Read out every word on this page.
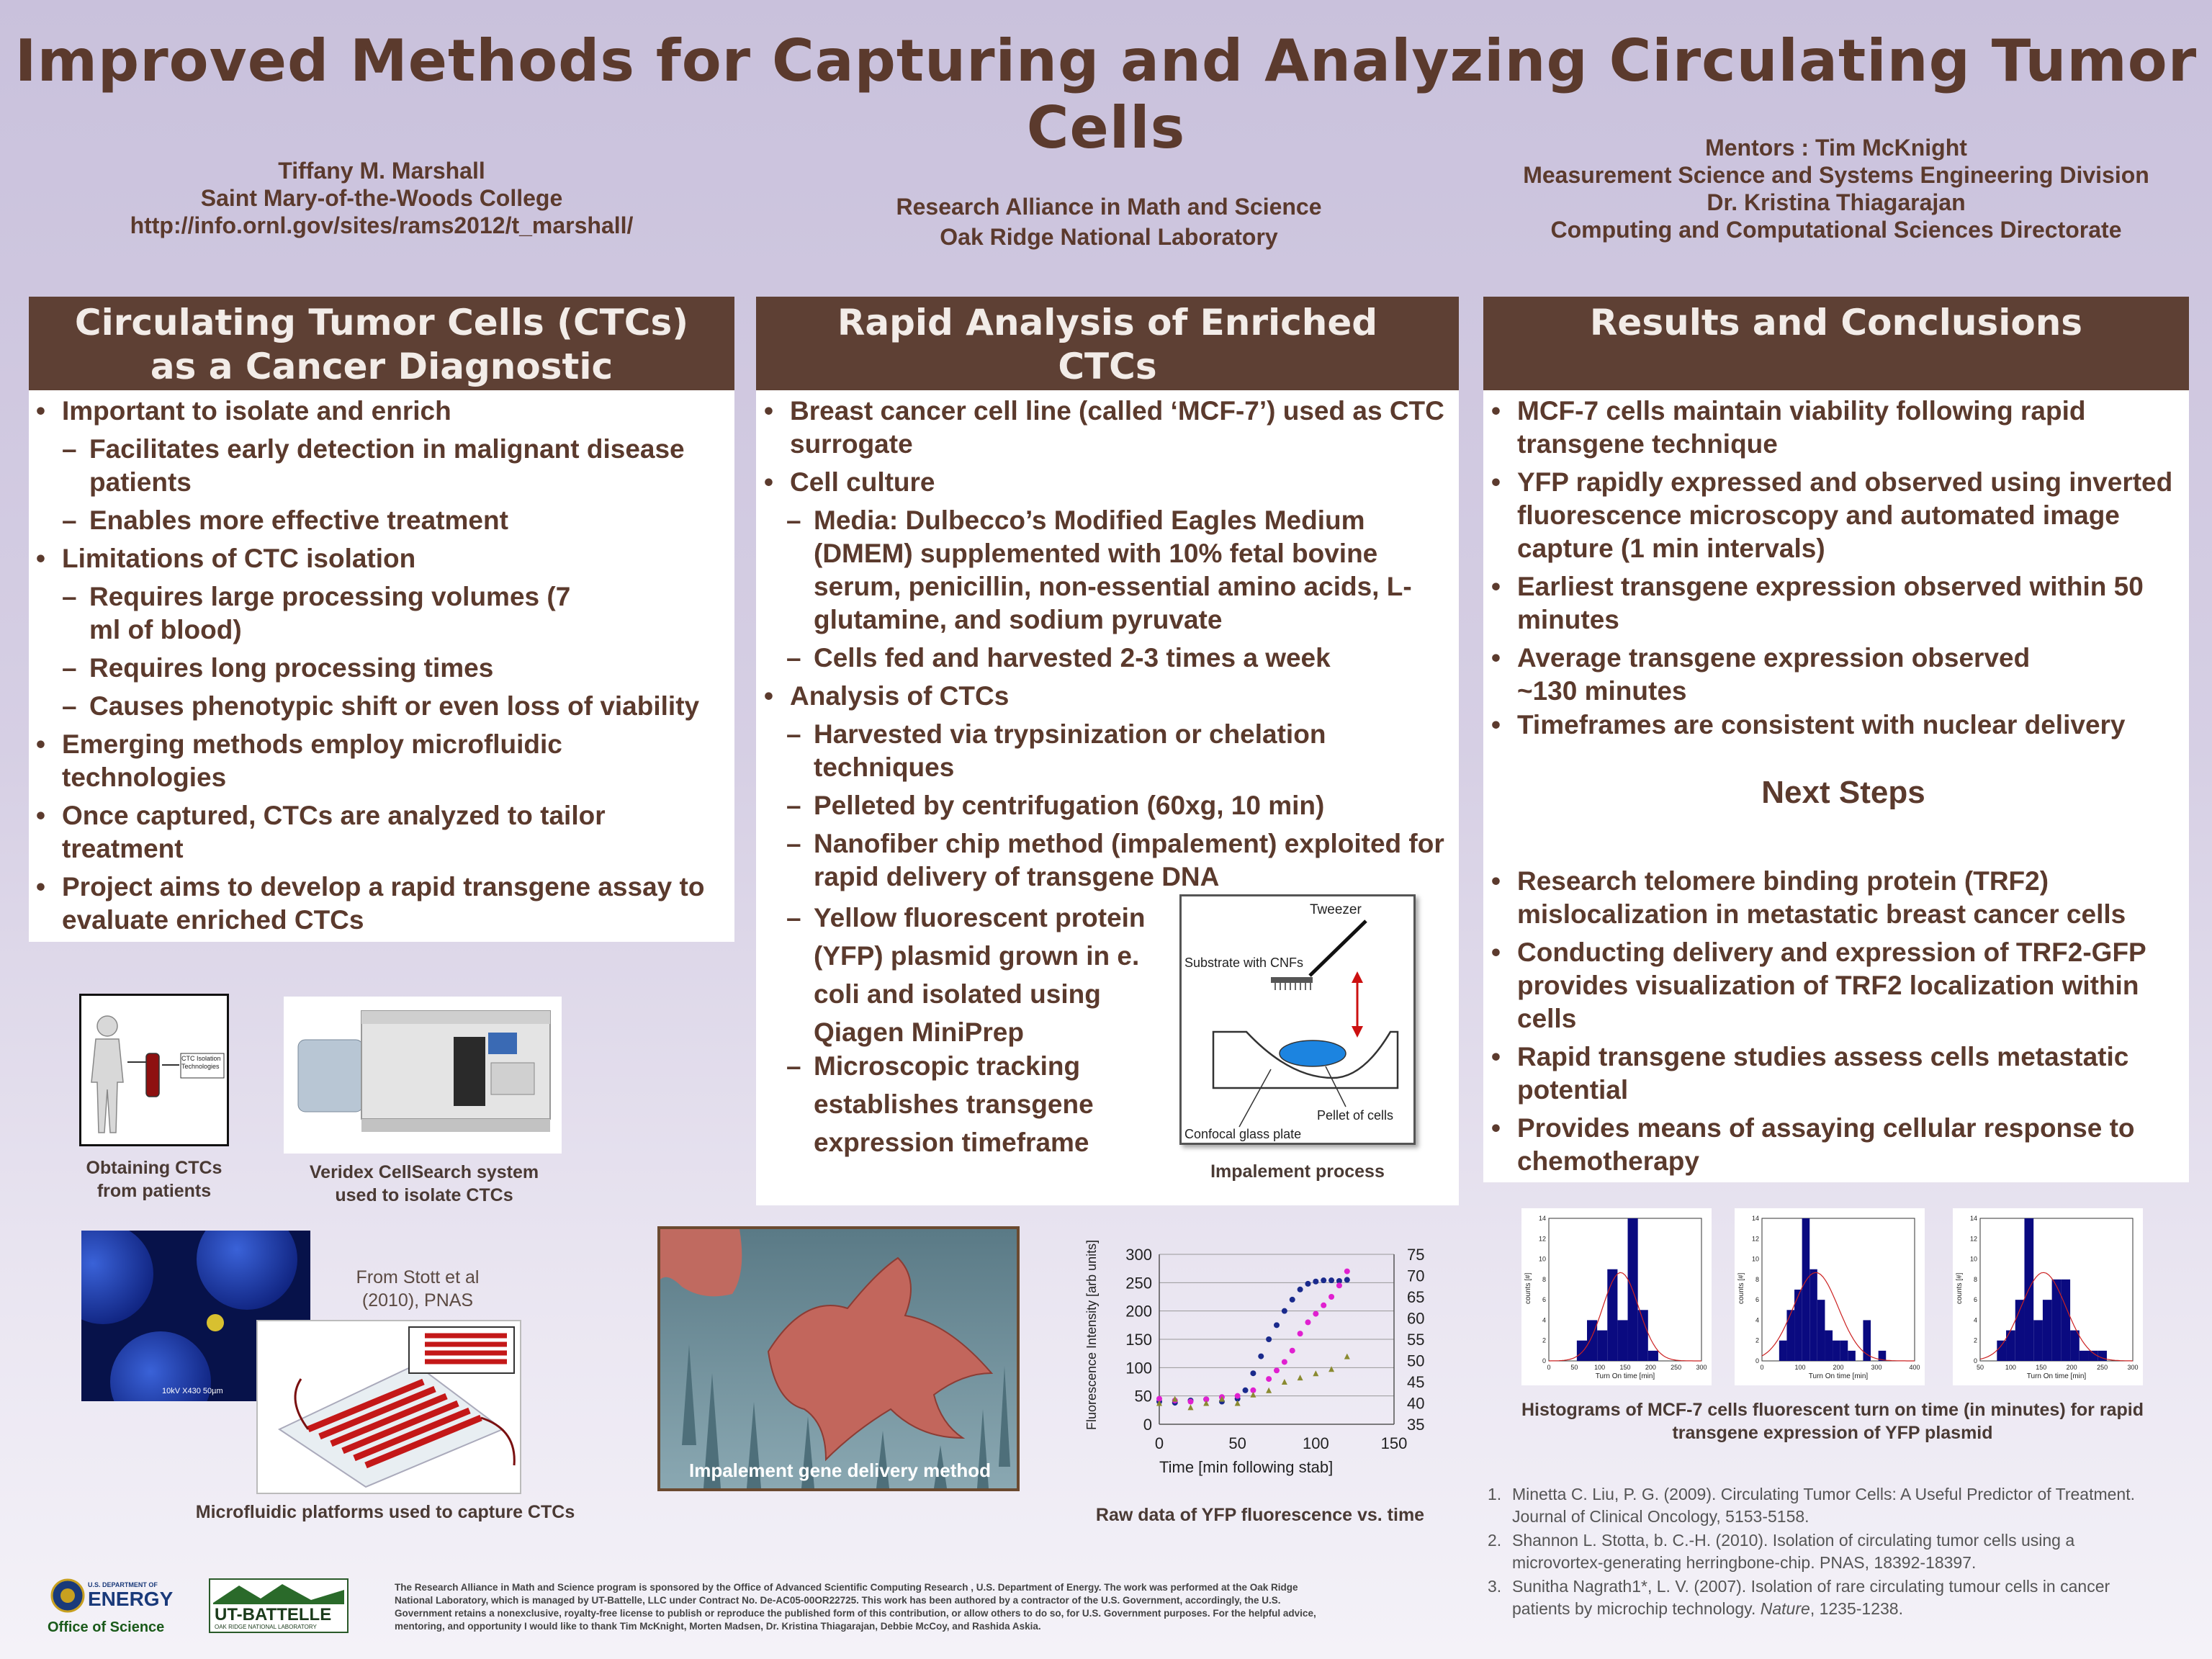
Improved Methods for Capturing and Analyzing Circulating Tumor Cells
Tiffany M. Marshall
Saint Mary-of-the-Woods College
http://info.ornl.gov/sites/rams2012/t_marshall/
Research Alliance in Math and Science
Oak Ridge National Laboratory
Mentors : Tim McKnight
Measurement Science and Systems Engineering Division
Dr. Kristina Thiagarajan
Computing and Computational Sciences Directorate
Circulating Tumor Cells (CTCs)
as a Cancer Diagnostic
• Important to isolate and enrich
– Facilitates early detection in malignant disease patients
– Enables more effective treatment
• Limitations of CTC isolation
– Requires large processing volumes (7 ml of blood)
– Requires long processing times
– Causes phenotypic shift or even loss of viability
• Emerging methods employ microfluidic technologies
• Once captured, CTCs are analyzed to tailor treatment
• Project aims to develop a rapid transgene assay to evaluate enriched CTCs
Rapid Analysis of Enriched
CTCs
• Breast cancer cell line (called ‘MCF-7’) used as CTC surrogate
• Cell culture
– Media: Dulbecco’s Modified Eagles Medium (DMEM) supplemented with 10% fetal bovine serum, penicillin, non-essential amino acids, L-glutamine, and sodium pyruvate
– Cells fed and harvested 2-3 times a week
• Analysis of CTCs
– Harvested via trypsinization or chelation techniques
– Pelleted by centrifugation (60xg, 10 min)
– Nanofiber chip method (impalement) exploited for rapid delivery of transgene DNA
– Yellow fluorescent protein (YFP) plasmid grown in e. coli and isolated using Qiagen MiniPrep
– Microscopic tracking establishes transgene expression timeframe
Tweezer
Substrate with CNFs
Pellet of cells
Confocal glass plate
Impalement process
Results and Conclusions
• MCF-7 cells maintain viability following rapid transgene technique
• YFP rapidly expressed and observed using inverted fluorescence microscopy and automated image capture (1 min intervals)
• Earliest transgene expression observed within 50 minutes
• Average transgene expression observed ~130 minutes
• Timeframes are consistent with nuclear delivery
Next Steps
• Research telomere binding protein (TRF2) mislocalization in metastatic breast cancer cells
• Conducting delivery and expression of TRF2-GFP provides visualization of TRF2 localization within cells
• Rapid transgene studies assess cells metastatic potential
• Provides means of assaying cellular response to chemotherapy
CTC Isolation Technologies
Obtaining CTCs from patients
Veridex CellSearch system used to isolate CTCs
10kV X430 50µm
From Stott et al (2010), PNAS
Microfluidic platforms used to capture CTCs
Impalement gene delivery method
0
50
100
150
200
250
300
35
40
45
50
55
60
65
70
75
0	50	100	150
Time [min following stab]
Fluorescence Intensity [arb units]
Raw data of YFP fluorescence vs. time
0
2
4
6
8
10
12
14
0	50	100 150 200 250 300
Turn On time [min]
counts [#]
0
2
4
6
8
10
12
14
0	100	200	300	400
Turn On time [min]
counts [#]
0
2
4
6
8
10
12
14
50	100	150	200	250	300
Turn On time [min]
counts [#]
Histograms of MCF-7 cells fluorescent turn on time (in minutes) for rapid transgene expression of YFP plasmid
1. Minetta C. Liu, P. G. (2009). Circulating Tumor Cells: A Useful Predictor of Treatment.
Journal of Clinical Oncology, 5153-5158.
2. Shannon L. Stotta, b. C.-H. (2010). Isolation of circulating tumor cells using a
microvortex-generating herringbone-chip. PNAS, 18392-18397.
3. Sunitha Nagrath1*, L. V. (2007). Isolation of rare circulating tumour cells in cancer
patients by microchip technology. Nature, 1235-1238.
U.S. DEPARTMENT OF
ENERGY
Office of Science
UT-BATTELLE
OAK RIDGE NATIONAL LABORATORY
The Research Alliance in Math and Science program is sponsored by the Office of Advanced Scientific Computing Research , U.S. Department of Energy. The work was performed at the Oak Ridge
National Laboratory, which is managed by UT-Battelle, LLC under Contract No. De-AC05-00OR22725. This work has been authored by a contractor of the U.S. Government, accordingly, the U.S.
Government retains a nonexclusive, royalty-free license to publish or reproduce the published form of this contribution, or allow others to do so, for U.S. Government purposes. For the helpful advice,
mentoring, and opportunity I would like to thank Tim McKnight, Morten Madsen, Dr. Kristina Thiagarajan, Debbie McCoy, and Rashida Askia.
